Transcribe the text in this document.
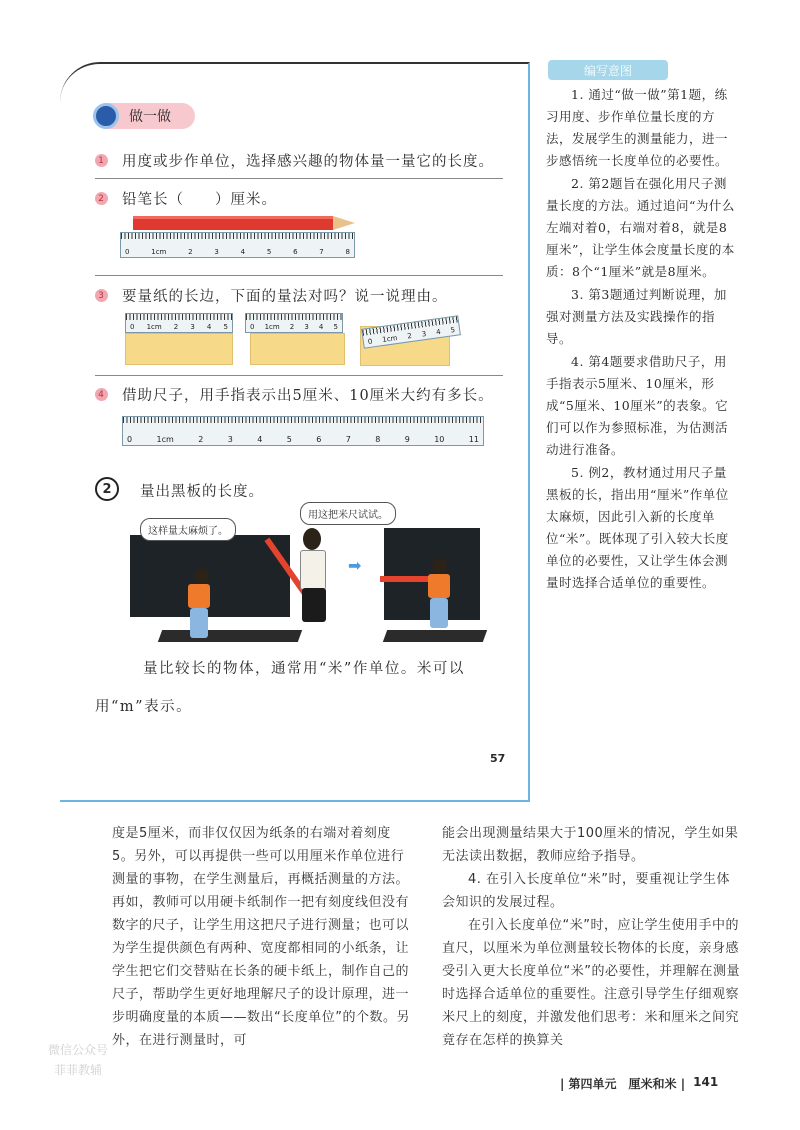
做一做
1 用度或步作单位，选择感兴趣的物体量一量它的长度。
2 铅笔长（　　）厘米。
0	1cm	2	3	4	5	6	7	8
3 要量纸的长边，下面的量法对吗？说一说理由。
0 1cm 2 3 4 5	0 1cm 2 3 4 5
0 1cm 2 3 4 5
4 借助尺子，用手指表示出5厘米、10厘米大约有多长。
0	1cm	2	3	4	5	6	7	8	9	10	11
2	量出黑板的长度。
这样量太麻烦了。
用这把米尺试试。
➡
量比较长的物体，通常用“米”作单位。米可以用“m”表示。
57
编写意图

1. 通过“做一做”第1题，练习用度、步作单位量长度的方法，发展学生的测量能力，进一步感悟统一长度单位的必要性。

2. 第2题旨在强化用尺子测量长度的方法。通过追问“为什么左端对着0，右端对着8，就是8厘米”，让学生体会度量长度的本质：8个“1厘米”就是8厘米。

3. 第3题通过判断说理，加强对测量方法及实践操作的指导。

4. 第4题要求借助尺子，用手指表示5厘米、10厘米，形成“5厘米、10厘米”的表象。它们可以作为参照标准，为估测活动进行准备。

5. 例2，教材通过用尺子量黑板的长，指出用“厘米”作单位太麻烦，因此引入新的长度单位“米”。既体现了引入较大长度单位的必要性，又让学生体会测量时选择合适单位的重要性。

度是5厘米，而非仅仅因为纸条的右端对着刻度5。另外，可以再提供一些可以用厘米作单位进行测量的事物，在学生测量后，再概括测量的方法。再如，教师可以用硬卡纸制作一把有刻度线但没有数字的尺子，让学生用这把尺子进行测量；也可以为学生提供颜色有两种、宽度都相同的小纸条，让学生把它们交替贴在长条的硬卡纸上，制作自己的尺子，帮助学生更好地理解尺子的设计原理，进一步明确度量的本质——数出“长度单位”的个数。另外，在进行测量时，可

能会出现测量结果大于100厘米的情况，学生如果无法读出数据，教师应给予指导。

4. 在引入长度单位“米”时，要重视让学生体会知识的发展过程。

在引入长度单位“米”时，应让学生使用手中的直尺，以厘米为单位测量较长物体的长度，亲身感受引入更大长度单位“米”的必要性，并理解在测量时选择合适单位的重要性。注意引导学生仔细观察米尺上的刻度，并激发他们思考：米和厘米之间究竟存在怎样的换算关

微信公众号
菲菲教辅
| 第四单元　厘米和米 | 141
